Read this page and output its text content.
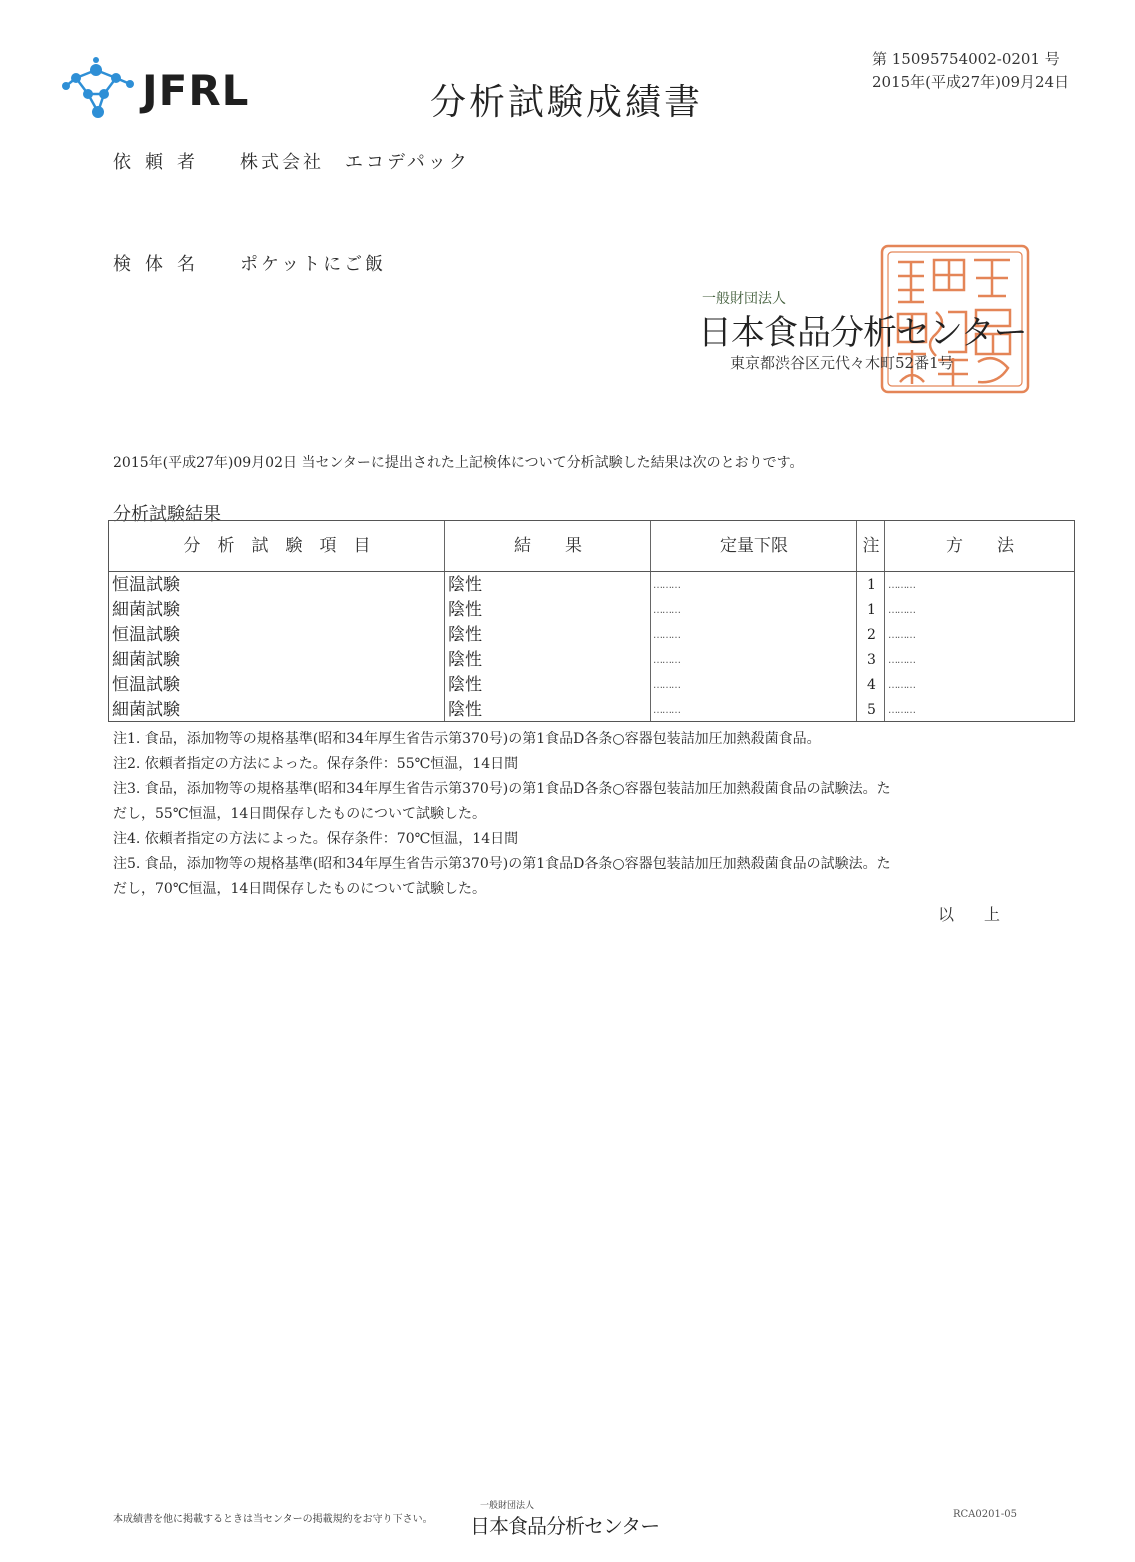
JFRL	分析試験成績書
第 15095754002-0201 号
2015年(平成27年)09月24日
依頼者 株式会社　エコデパック
検体名 ポケットにご飯
一般財団法人
日本食品分析センター
東京都渋谷区元代々木町52番1号
2015年(平成27年)09月02日 当センターに提出された上記検体について分析試験した結果は次のとおりです。
分析試験結果
分　析　試　験　項　目	結　　果	定量下限	注	方　　法
恒温試験	陰性	………	1 ………
細菌試験	陰性	………	1 ………
恒温試験	陰性	………	2 ………
細菌試験	陰性	………	3 ………
恒温試験	陰性	………	4 ………
細菌試験	陰性	………	5 ………
注1. 食品，添加物等の規格基準(昭和34年厚生省告示第370号)の第1食品D各条○容器包装詰加圧加熱殺菌食品。
注2. 依頼者指定の方法によった。保存条件：55℃恒温，14日間
注3. 食品，添加物等の規格基準(昭和34年厚生省告示第370号)の第1食品D各条○容器包装詰加圧加熱殺菌食品の試験法。た
だし，55℃恒温，14日間保存したものについて試験した。
注4. 依頼者指定の方法によった。保存条件：70℃恒温，14日間
注5. 食品，添加物等の規格基準(昭和34年厚生省告示第370号)の第1食品D各条○容器包装詰加圧加熱殺菌食品の試験法。た
だし，70℃恒温，14日間保存したものについて試験した。
以上
本成績書を他に掲載するときは当センターの掲載規約をお守り下さい。
一般財団法人
日本食品分析センター	RCA0201-05
